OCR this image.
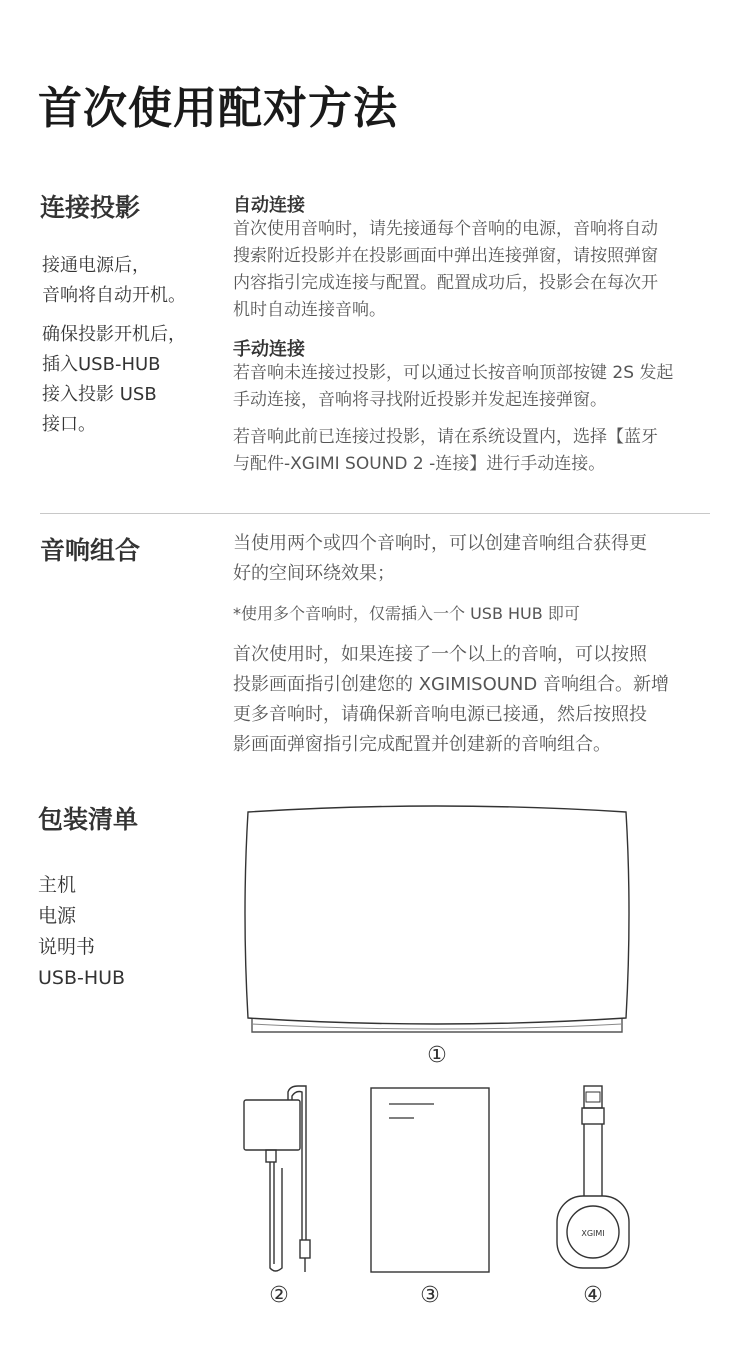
首次使用配对方法
连接投影
接通电源后，
音响将自动开机。
确保投影开机后，
插入USB-HUB
接入投影 USB
接口。
自动连接
首次使用音响时，请先接通每个音响的电源，音响将自动
搜索附近投影并在投影画面中弹出连接弹窗，请按照弹窗
内容指引完成连接与配置。配置成功后，投影会在每次开
机时自动连接音响。
手动连接
若音响未连接过投影，可以通过长按音响顶部按键 2S 发起
手动连接，音响将寻找附近投影并发起连接弹窗。
若音响此前已连接过投影，请在系统设置内，选择【蓝牙
与配件-XGIMI SOUND 2 -连接】进行手动连接。
音响组合	当使用两个或四个音响时，可以创建音响组合获得更
好的空间环绕效果；
*使用多个音响时，仅需插入一个 USB HUB 即可
首次使用时，如果连接了一个以上的音响，可以按照
投影画面指引创建您的 XGIMISOUND 音响组合。新增
更多音响时，请确保新音响电源已接通，然后按照投
影画面弹窗指引完成配置并创建新的音响组合。
包装清单
主机
电源
说明书
USB-HUB
①
②	③
XGIMI
④
